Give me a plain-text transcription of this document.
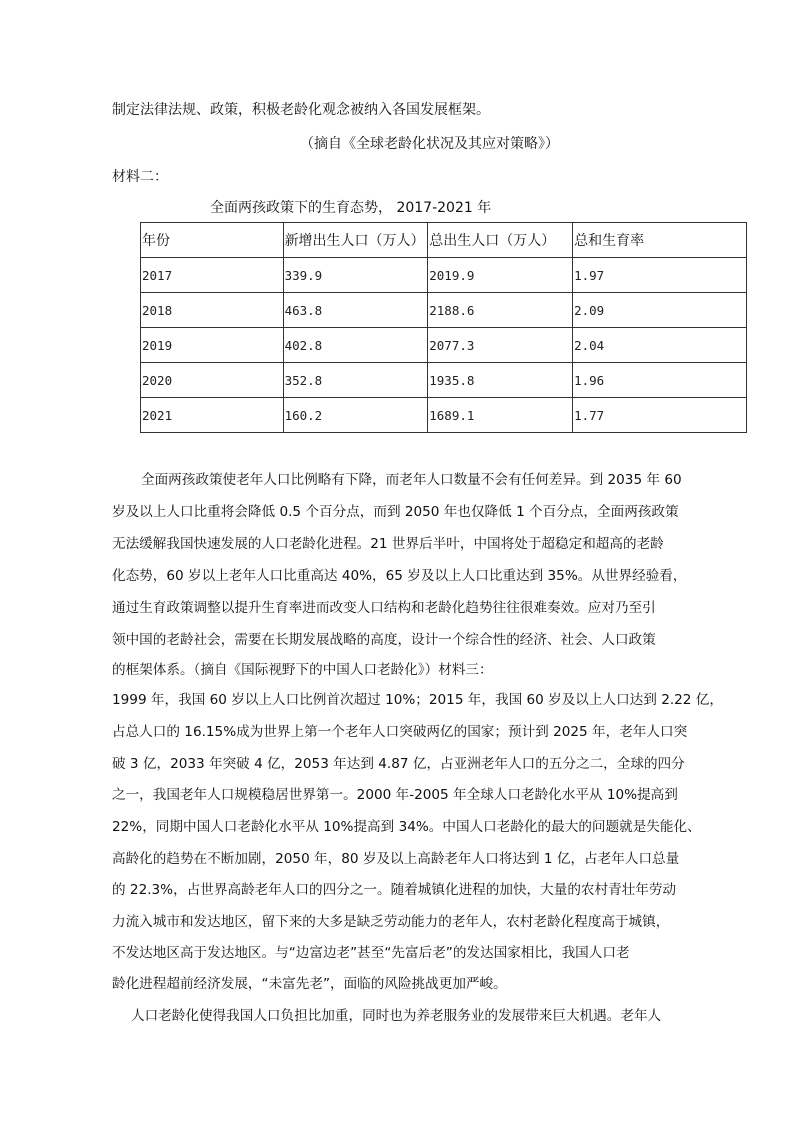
制定法律法规、政策，积极老龄化观念被纳入各国发展框架。
（摘自《全球老龄化状况及其应对策略》）
材料二：
全面两孩政策下的生育态势， 2017-2021 年
年份	新增出生人口（万人）	总出生人口（万人）	总和生育率
2017	339.9	2019.9	1.97
2018	463.8	2188.6	2.09
2019	402.8	2077.3	2.04
2020	352.8	1935.8	1.96
2021	160.2	1689.1	1.77
全面两孩政策使老年人口比例略有下降，而老年人口数量不会有任何差异。到 2035 年 60
岁及以上人口比重将会降低 0.5 个百分点，而到 2050 年也仅降低 1 个百分点，全面两孩政策
无法缓解我国快速发展的人口老龄化进程。21 世界后半叶，中国将处于超稳定和超高的老龄
化态势，60 岁以上老年人口比重高达 40%，65 岁及以上人口比重达到 35%。从世界经验看，
通过生育政策调整以提升生育率进而改变人口结构和老龄化趋势往往很难奏效。应对乃至引
领中国的老龄社会，需要在长期发展战略的高度，设计一个综合性的经济、社会、人口政策
的框架体系。（摘自《国际视野下的中国人口老龄化》）材料三：
1999 年，我国 60 岁以上人口比例首次超过 10%；2015 年，我国 60 岁及以上人口达到 2.22 亿，
占总人口的 16.15%成为世界上第一个老年人口突破两亿的国家；预计到 2025 年，老年人口突
破 3 亿，2033 年突破 4 亿，2053 年达到 4.87 亿，占亚洲老年人口的五分之二，全球的四分
之一，我国老年人口规模稳居世界第一。2000 年-2005 年全球人口老龄化水平从 10%提高到
22%，同期中国人口老龄化水平从 10%提高到 34%。中国人口老龄化的最大的问题就是失能化、
高龄化的趋势在不断加剧，2050 年，80 岁及以上高龄老年人口将达到 1 亿，占老年人口总量
的 22.3%，占世界高龄老年人口的四分之一。随着城镇化进程的加快，大量的农村青壮年劳动
力流入城市和发达地区，留下来的大多是缺乏劳动能力的老年人，农村老龄化程度高于城镇，
不发达地区高于发达地区。与“边富边老”甚至“先富后老”的发达国家相比，我国人口老
龄化进程超前经济发展，“未富先老”，面临的风险挑战更加严峻。
人口老龄化使得我国人口负担比加重，同时也为养老服务业的发展带来巨大机遇。老年人
